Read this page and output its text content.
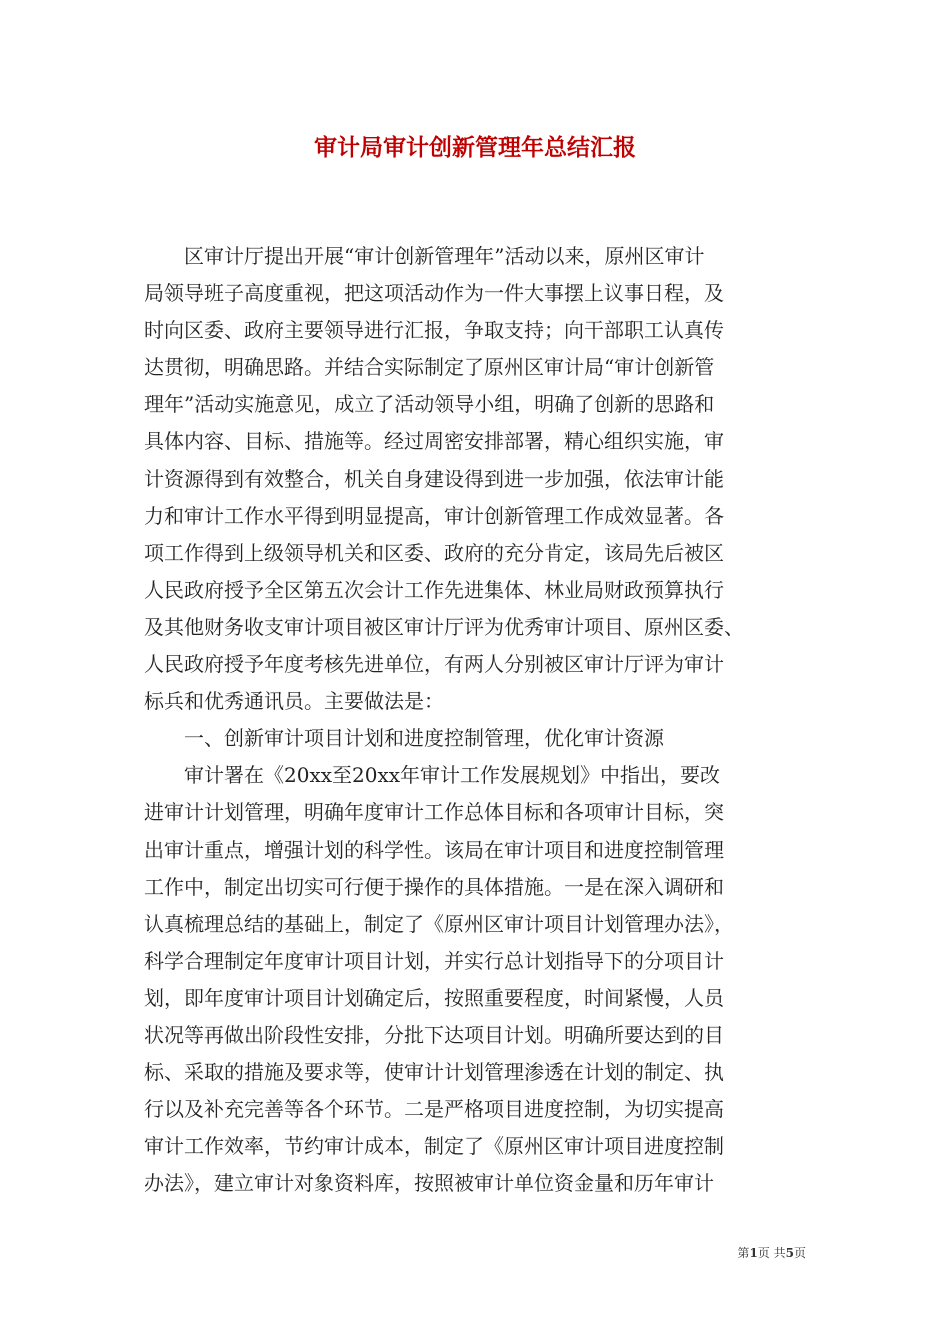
审计局审计创新管理年总结汇报
　　区审计厅提出开展“审计创新管理年”活动以来，原州区审计
局领导班子高度重视，把这项活动作为一件大事摆上议事日程，及
时向区委、政府主要领导进行汇报，争取支持；向干部职工认真传
达贯彻，明确思路。并结合实际制定了原州区审计局“审计创新管
理年”活动实施意见，成立了活动领导小组，明确了创新的思路和
具体内容、目标、措施等。经过周密安排部署，精心组织实施，审
计资源得到有效整合，机关自身建设得到进一步加强，依法审计能
力和审计工作水平得到明显提高，审计创新管理工作成效显著。各
项工作得到上级领导机关和区委、政府的充分肯定，该局先后被区
人民政府授予全区第五次会计工作先进集体、林业局财政预算执行
及其他财务收支审计项目被区审计厅评为优秀审计项目、原州区委、
人民政府授予年度考核先进单位，有两人分别被区审计厅评为审计
标兵和优秀通讯员。主要做法是：
　　一、创新审计项目计划和进度控制管理，优化审计资源
　　审计署在《20xx至20xx年审计工作发展规划》中指出，要改
进审计计划管理，明确年度审计工作总体目标和各项审计目标，突
出审计重点，增强计划的科学性。该局在审计项目和进度控制管理
工作中，制定出切实可行便于操作的具体措施。一是在深入调研和
认真梳理总结的基础上，制定了《原州区审计项目计划管理办法》，
科学合理制定年度审计项目计划，并实行总计划指导下的分项目计
划，即年度审计项目计划确定后，按照重要程度，时间紧慢，人员
状况等再做出阶段性安排，分批下达项目计划。明确所要达到的目
标、采取的措施及要求等，使审计计划管理渗透在计划的制定、执
行以及补充完善等各个环节。二是严格项目进度控制，为切实提高
审计工作效率，节约审计成本，制定了《原州区审计项目进度控制
办法》，建立审计对象资料库，按照被审计单位资金量和历年审计
第1页 共5页
